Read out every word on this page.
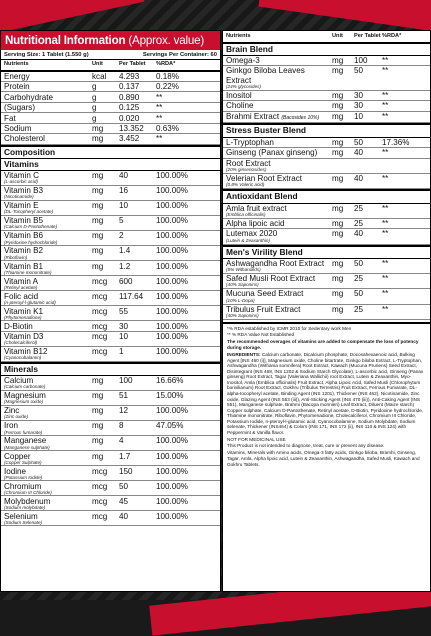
Nutritional Information (Approx. value)
Serving Size: 1 Tablet (1.550 g)	Servings Per Container: 60
Nutrients	Unit	Per Tablet	%RDA*
Energy	kcal	4.293	0.18%
Protein	g	0.137	0.22%
Carbohydrate	g	0.890	**
(Sugars)	g	0.125	**
Fat	g	0.020	**
Sodium	mg	13.352	0.63%
Cholesterol	mg	3.452	**
Composition
Vitamins
Vitamin C
(L-ascorbic acid)
mg	40	100.00%
Vitamin B3
(Nicotinamide)
mg	16	100.00%
Vitamin E
(DL-Tocopheryl acetate)
mg	10	100.00%
Vitamin B5
(Calcium D-Pantothenate)
mg	5	100.00%
Vitamin B6
(Pyridoxine hydrochloride)
mg	2	100.00%
Vitamin B2
(Riboflavin)
mg	1.4	100.00%
Vitamin B1
(Thiamine mononitrate)
mg	1.2	100.00%
Vitamin A
(Retinyl acetate)
mcg	600	100.00%
Folic acid
(n-pteroyl-l-glutamic acid)
mcg	117.64	100.00%
Vitamin K1
(Phytomenadione)
mcg	55	100.00%
D-Biotin	mcg	30	100.00%
Vitamin D3
(Cholecalciferol)
mcg	10	100.00%
Vitamin B12
(Cyanocobalamin)
mcg	1	100.00%
Minerals
Calcium
(Calcium carbonate)
mg	100	16.66%
Magnesium
(Magnesium oxide)
mg	51	15.00%
Zinc
(Zinc oxide)
mg	12	100.00%
Iron
(Ferrous fumarate)
mg	8	47.05%
Manganese
(Manganese sulphate)
mg	4	100.00%
Copper
(Copper Sulphate)
mg	1.7	100.00%
Iodine
(Potassium Iodide)
mcg	150	100.00%
Chromium
(Chromium III Chloride)
mcg	50	100.00%
Molybdenum
(Sodium molybdate)
mcg	45	100.00%
Selenium
(Sodium Selenate)
mcg	40	100.00%
Nutrients	Unit	Per Tablet %RDA*
Brain Blend
Omega-3	mg	100	**
Ginkgo Biloba Leaves Extract
(24% glycosides)
mg	50	**
Inositol	mg	30	**
Choline	mg	30	**
Brahmi Extract (Bacosides 10%)	mg	10	**
Stress Buster Blend
L-Tryptophan	mg	50	17.36%
Ginseng (Panax ginseng)	mg	40	**
Root Extract
(20% ginsenosides)
Velerian Root Extract
(0.8% Valeric acid)
mg	40	**
Antioxidant Blend
Amla fruit extract
(Emblica officinalis)
mg	25	**
Alpha lipoic acid	mg	25	**
Lutemax 2020
(Lutein & Zeaxanthin)
mg	40	**
Men's Virility Blend
Ashwagandha Root Extract
(5% Withanolids)
mg	50	**
Safed Musli Root Extract
(40% Saponins)
mg	25	**
Mucuna Seed Extract
(10% L-Dopa)
mg	50	**
Tribulus Fruit Extract
(40% Saponins)
mg	25	**
*% RDA established by ICMR 2010 for Sedentary work Men

** % RDA Value Not Established

The recommended overages of vitamins are added to compensate the loss of potency during storage.

INGREDIENTS: Calcium carbonate, Dicalcium phosphate, Docosahexaenoic acid, Bulking Agent [INS 460 (i)], Magnesium oxide, Choline bitartrate, Ginkgo biloba Extract, L-Tryptophan, Ashwagandha (Withania somnifera) Root Extract, Kawach (Mucuna Pruriens) Seed Extract, Disintegrant (INS 468, INS 1202 & Sodium Starch Glycolate), L-ascorbic acid, Ginseng (Panax ginseng) Root Extract, Tagar (Valeriana Wallichii) root Extract, Lutein & Zeaxanthin, Myo-Inositol, Amla (Emblica officinalis) Fruit Extract, Alpha Lipoic Acid, Safed Musli (Chlorophytum borivilianum) Root Extract, Gokhru (Tribulus Terrestris) Fruit Extract, Ferrous Fumarate, DL-alpha-tocopheryl acetate, Binding Agent (INS 1201), Thickener (INS 462), Nicotinamide, Zinc oxide, Glazing Agent (INS 553 (iii)), Anti-Sticking Agent (INS 470 (iii)), Anti-Caking Agent (INS 551), Manganese sulphate, Brahmi (Bacopa monnieri) Leaf Extract, Diluent (Maize starch) Copper sulphate, Calcium D-Pantothenate, Retinyl acetate, D-Biotin, Pyridoxine hydrochloride, Thiamine mononitrate, Riboflavin, Phytomenadione, Cholecalciferol, Chromium III Chloride, Potassium Iodide, n-pteroyl-l-glutamic acid, Cyanocobalamine, Sodium Molybdate, Sodium selenate, Thickener (INS464) & Colors (INS 171, INS 172 (ii), INS 110 & INS 124) with Peppermint & Vanilla flavor.

NOT FOR MEDICINAL USE

This Product is not intended to diagnose, treat, cure or prevent any disease.

Vitamins, Minerals with Amino acids, Omega-3 fatty acids, Ginkgo biloba, Bramhi, Ginseng, Tagar, Amla, Alpha lipoic acid, Lutein & Zeaxanthin, Ashwagandha, Safed Musli, Kawach and Gokhru Tablets.
